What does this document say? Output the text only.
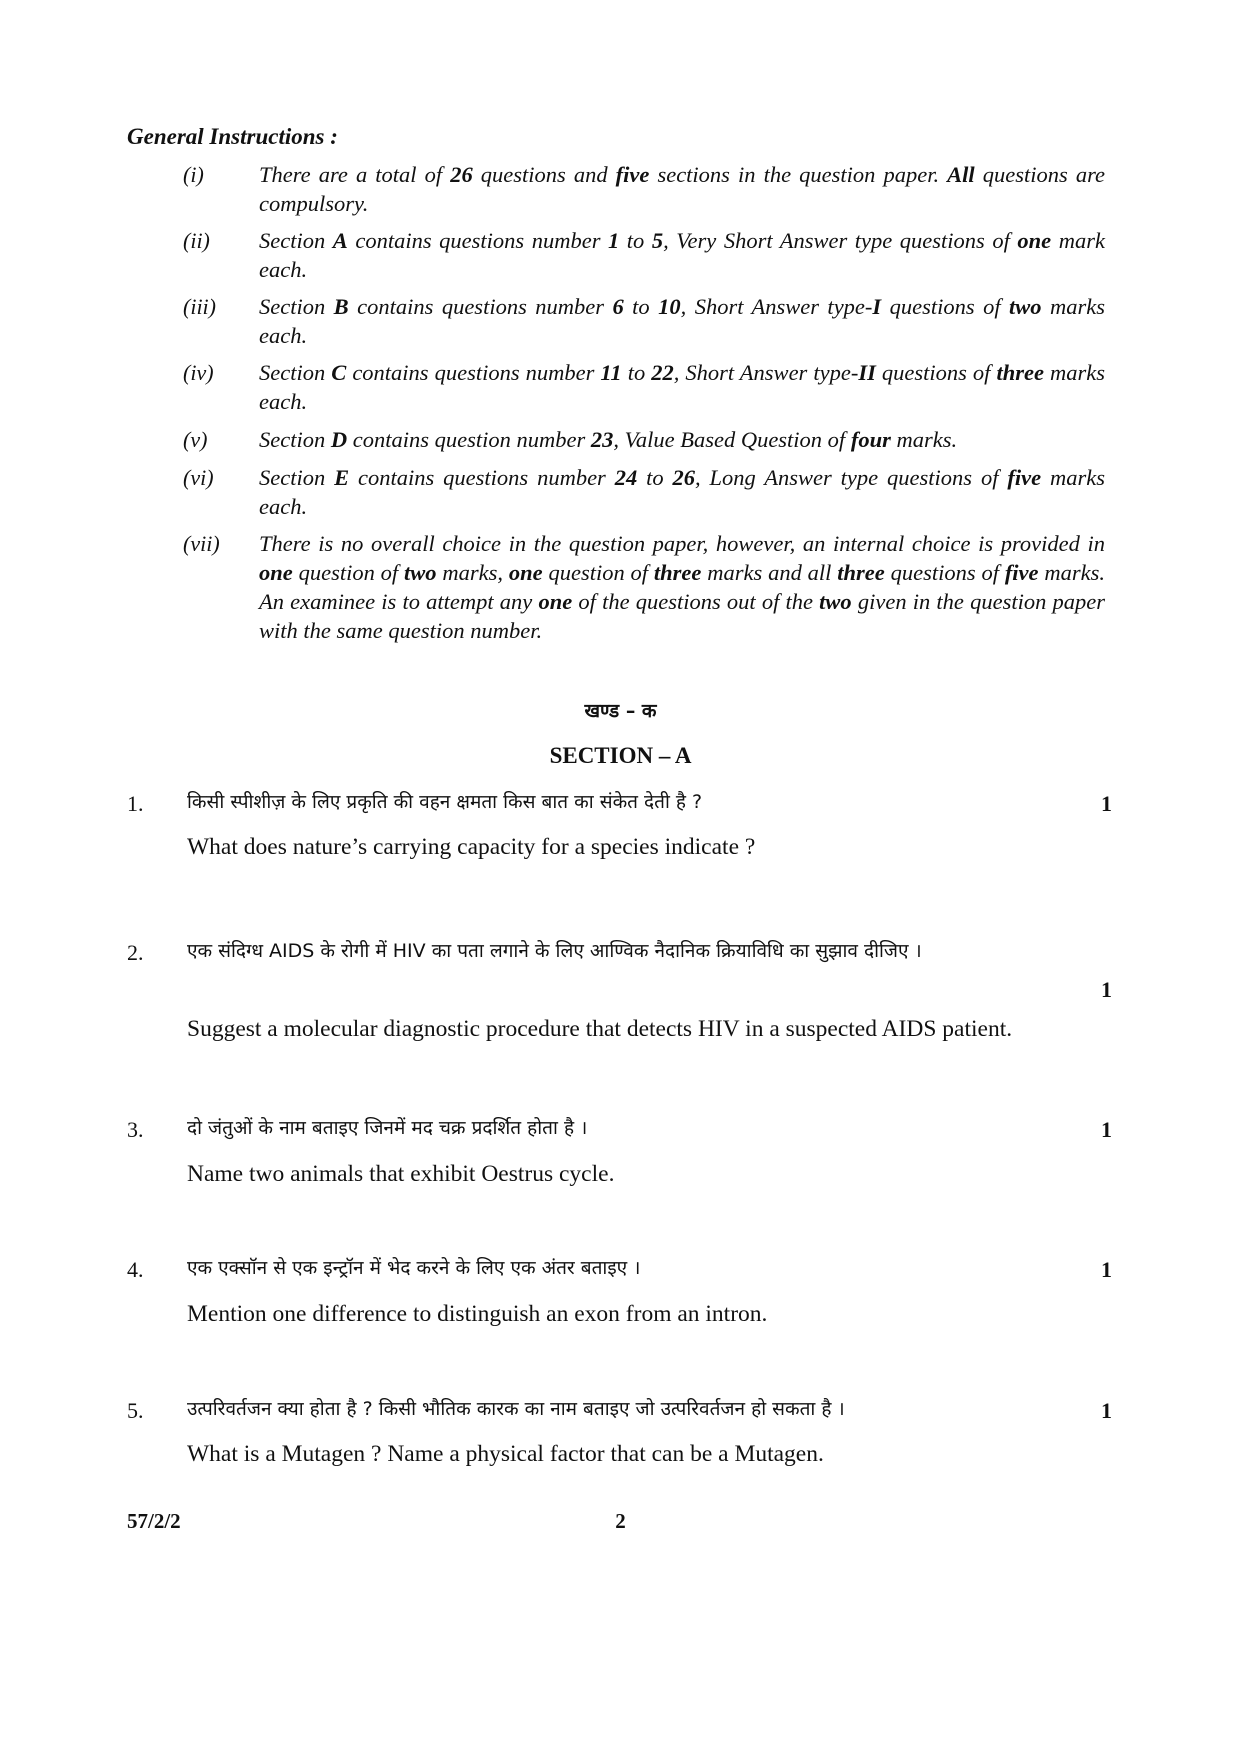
General Instructions :
(i) There are a total of 26 questions and five sections in the question paper. All questions are compulsory.
(ii) Section A contains questions number 1 to 5, Very Short Answer type questions of one mark each.
(iii) Section B contains questions number 6 to 10, Short Answer type-I questions of two marks each.
(iv) Section C contains questions number 11 to 22, Short Answer type-II questions of three marks each.
(v) Section D contains question number 23, Value Based Question of four marks.
(vi) Section E contains questions number 24 to 26, Long Answer type questions of five marks each.
(vii) There is no overall choice in the question paper, however, an internal choice is provided in one question of two marks, one question of three marks and all three questions of five marks. An examinee is to attempt any one of the questions out of the two given in the question paper with the same question number.
खण्ड – क
SECTION – A
1. किसी स्पीशीज़ के लिए प्रकृति की वहन क्षमता किस बात का संकेत देती है ?	1
What does nature’s carrying capacity for a species indicate ?
2. एक संदिग्ध AIDS के रोगी में HIV का पता लगाने के लिए आण्विक नैदानिक क्रियाविधि का सुझाव दीजिए ।
1
Suggest a molecular diagnostic procedure that detects HIV in a suspected AIDS patient.
3. दो जंतुओं के नाम बताइए जिनमें मद चक्र प्रदर्शित होता है ।	1
Name two animals that exhibit Oestrus cycle.
4. एक एक्सॉन से एक इन्ट्रॉन में भेद करने के लिए एक अंतर बताइए ।	1
Mention one difference to distinguish an exon from an intron.
5. उत्परिवर्तजन क्या होता है ? किसी भौतिक कारक का नाम बताइए जो उत्परिवर्तजन हो सकता है ।	1
What is a Mutagen ? Name a physical factor that can be a Mutagen.
57/2/2	2
